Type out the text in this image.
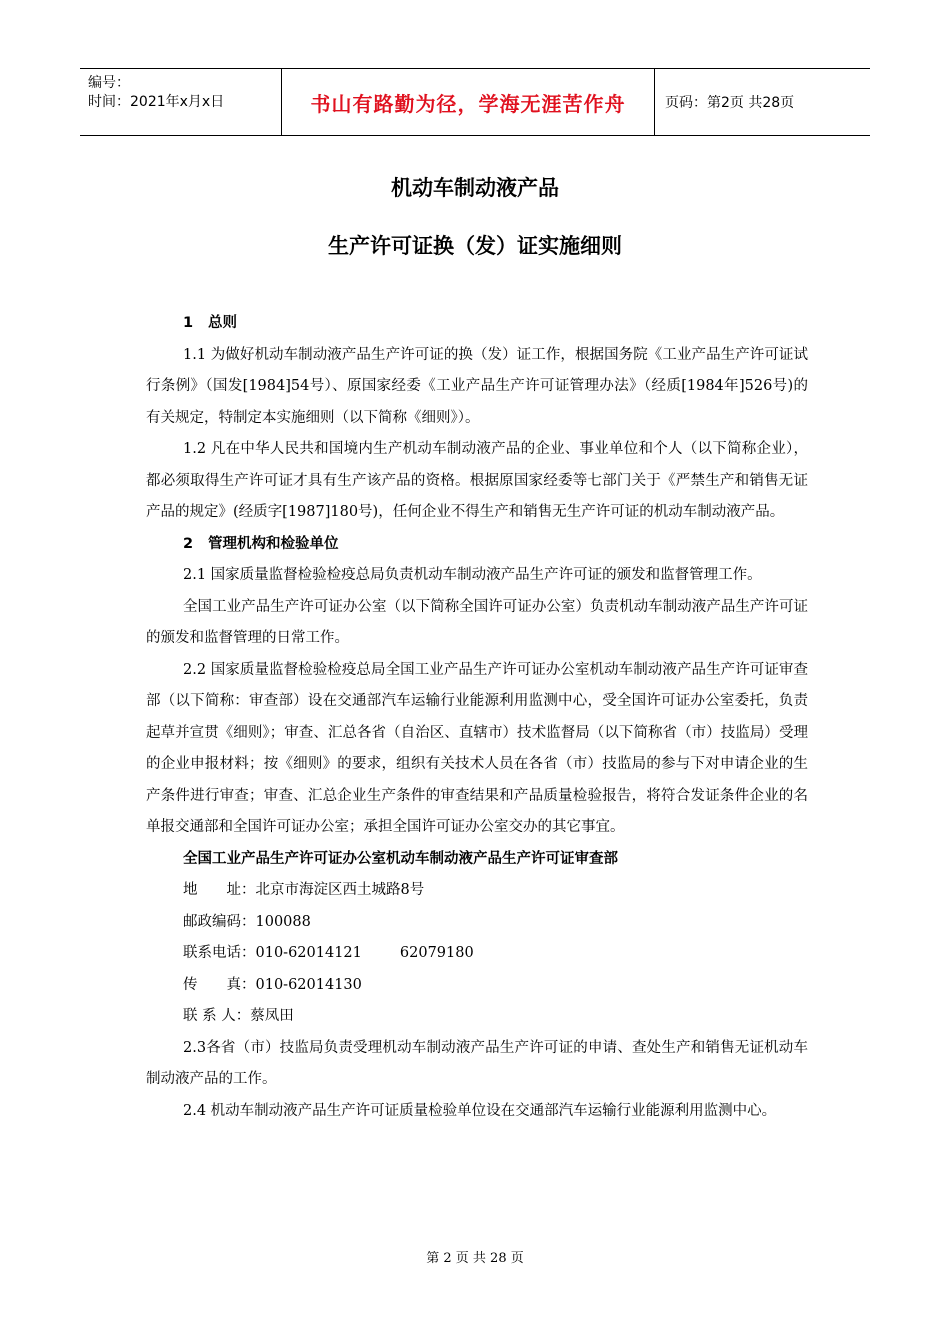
编号：
时间：2021年x月x日	书山有路勤为径，学海无涯苦作舟	页码：第2页 共28页
机动车制动液产品
生产许可证换（发）证实施细则

1 总则

1.1 为做好机动车制动液产品生产许可证的换（发）证工作，根据国务院《工业产品生产许可证试行条例》（国发[1984]54号）、原国家经委《工业产品生产许可证管理办法》（经质[1984年]526号)的有关规定，特制定本实施细则（以下简称《细则》）。

1.2 凡在中华人民共和国境内生产机动车制动液产品的企业、事业单位和个人（以下简称企业），都必须取得生产许可证才具有生产该产品的资格。根据原国家经委等七部门关于《严禁生产和销售无证产品的规定》(经质字[1987]180号)，任何企业不得生产和销售无生产许可证的机动车制动液产品。

2 管理机构和检验单位

2.1 国家质量监督检验检疫总局负责机动车制动液产品生产许可证的颁发和监督管理工作。

全国工业产品生产许可证办公室（以下简称全国许可证办公室）负责机动车制动液产品生产许可证的颁发和监督管理的日常工作。

2.2 国家质量监督检验检疫总局全国工业产品生产许可证办公室机动车制动液产品生产许可证审查部（以下简称：审查部）设在交通部汽车运输行业能源利用监测中心，受全国许可证办公室委托，负责起草并宣贯《细则》；审查、汇总各省（自治区、直辖市）技术监督局（以下简称省（市）技监局）受理的企业申报材料；按《细则》的要求，组织有关技术人员在各省（市）技监局的参与下对申请企业的生产条件进行审查；审查、汇总企业生产条件的审查结果和产品质量检验报告，将符合发证条件企业的名单报交通部和全国许可证办公室；承担全国许可证办公室交办的其它事宜。

全国工业产品生产许可证办公室机动车制动液产品生产许可证审查部

地　　址：北京市海淀区西土城路8号

邮政编码：100088

联系电话：010-62014121	62079180

传　　真：010-62014130

联 系 人：蔡凤田

2.3各省（市）技监局负责受理机动车制动液产品生产许可证的申请、查处生产和销售无证机动车制动液产品的工作。

2.4 机动车制动液产品生产许可证质量检验单位设在交通部汽车运输行业能源利用监测中心。

第 2 页 共 28 页
